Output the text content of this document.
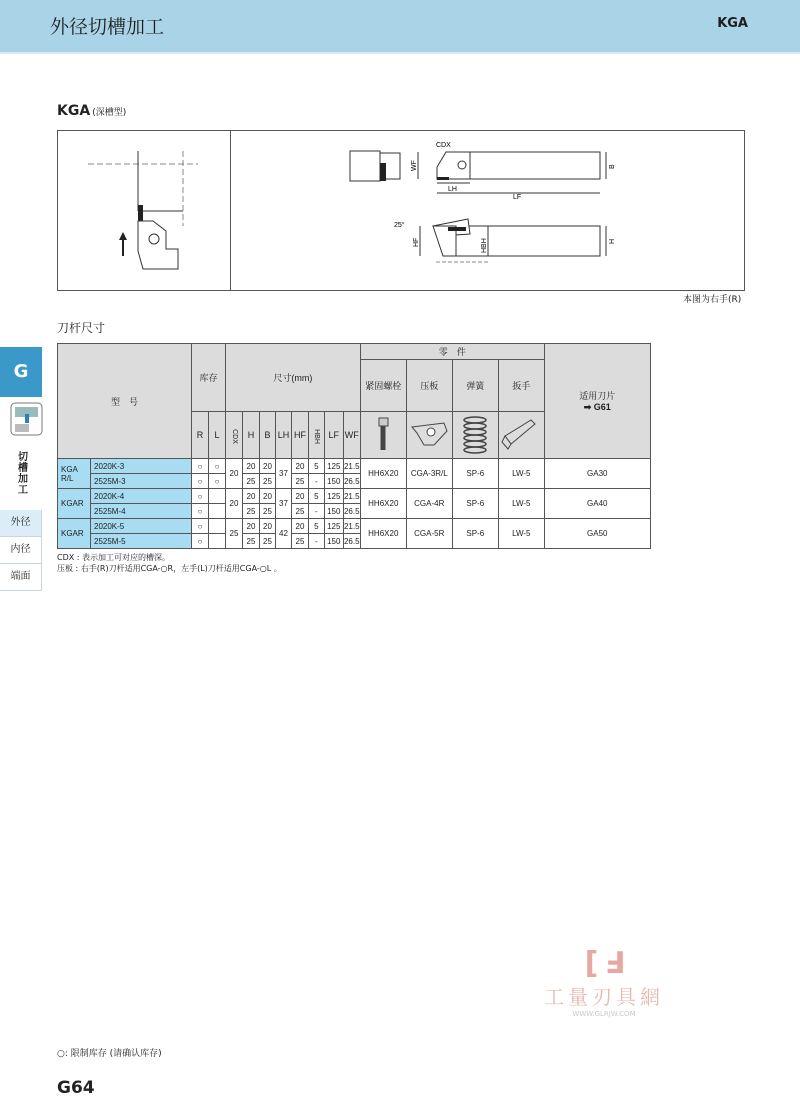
外径切槽加工	KGA
KGA (深槽型)
WF
CDX
LH
LF
B
HBH
HF
25°
H
本图为右手(R)
刀杆尺寸
G
切槽加工
外径
内径
端面
型　号		库存		尺寸(mm)								零　件				适用刀片
➡ G61

												紧固螺栓	压板	弹簧	扳手	
		R	L	CDX	H	B	LH	HF	HBH	LF	WF				
KGA R/L	2020K-3	○	○	20	20	20	37	20	5	125	21.5	HH6X20	CGA-3R/L	SP-6	LW-5	GA30
	2525M-3	○	○		25	25		25	-	150	26.5					
KGAR	2020K-4	○		20	20	20	37	20	5	125	21.5	HH6X20	CGA-4R	SP-6	LW-5	GA40
	2525M-4	○			25	25		25	-	150	26.5					
KGAR	2020K-5	○		25	20	20	42	20	5	125	21.5	HH6X20	CGA-5R	SP-6	LW-5	GA50
	2525M-5	○			25	25		25	-	150	26.5					
CDX : 表示加工可对应的槽深。
压板 : 右手(R)刀杆适用CGA-○R，左手(L)刀杆适用CGA-○L 。
[ Ⅎ
工量刃具網
WWW.GLRJW.COM
○: 限制库存 (请确认库存)
G64
